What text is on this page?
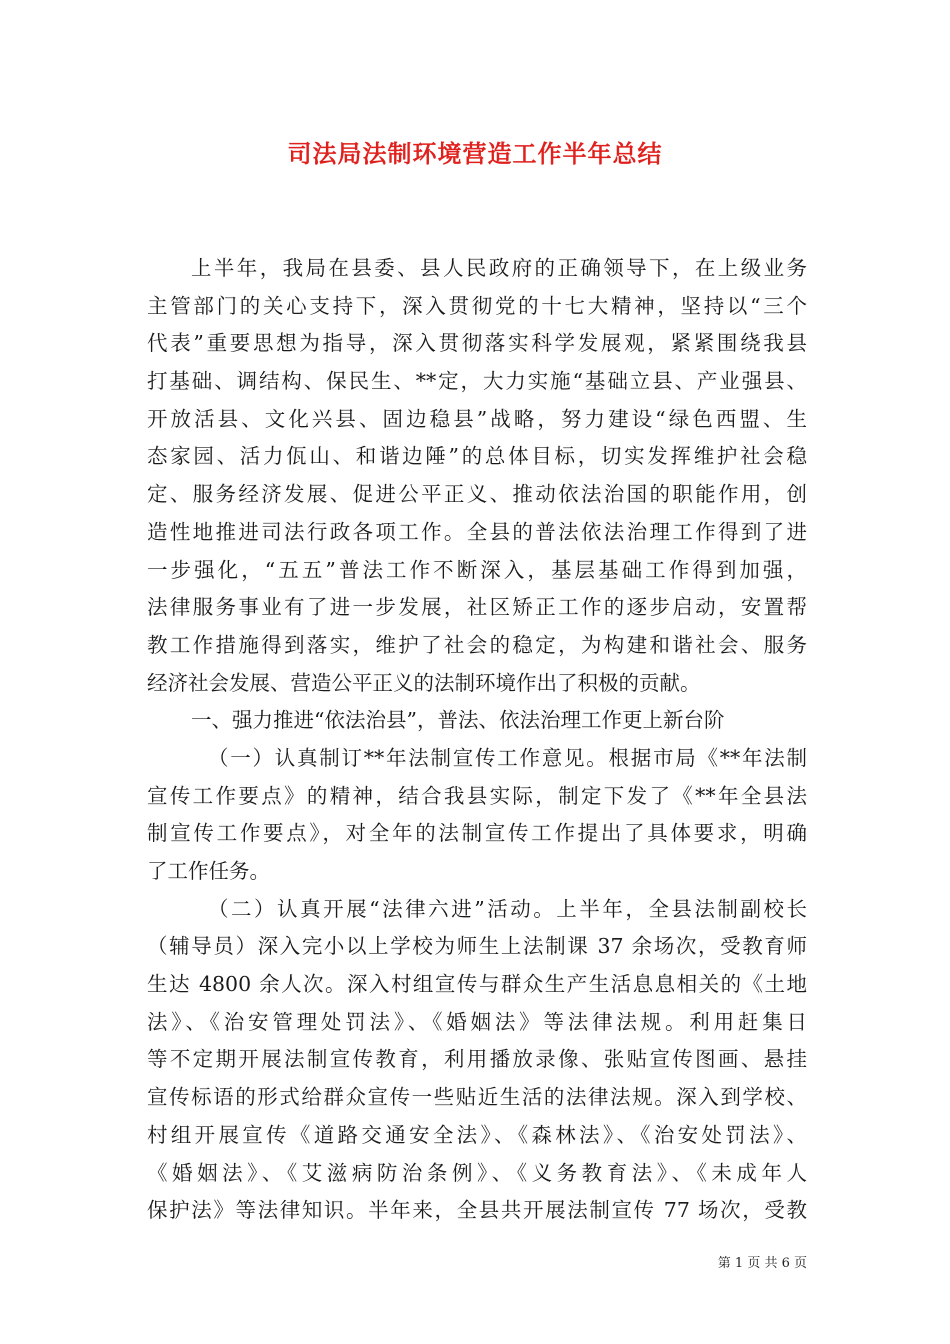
司法局法制环境营造工作半年总结
上半年，我局在县委、县人民政府的正确领导下，在上级业务
主管部门的关心支持下，深入贯彻党的十七大精神，坚持以“三个
代表”重要思想为指导，深入贯彻落实科学发展观，紧紧围绕我县
打基础、调结构、保民生、**定，大力实施“基础立县、产业强县、
开放活县、文化兴县、固边稳县”战略，努力建设“绿色西盟、生
态家园、活力佤山、和谐边陲”的总体目标，切实发挥维护社会稳
定、服务经济发展、促进公平正义、推动依法治国的职能作用，创
造性地推进司法行政各项工作。全县的普法依法治理工作得到了进
一步强化，“五五”普法工作不断深入，基层基础工作得到加强，
法律服务事业有了进一步发展，社区矫正工作的逐步启动，安置帮
教工作措施得到落实，维护了社会的稳定，为构建和谐社会、服务
经济社会发展、营造公平正义的法制环境作出了积极的贡献。
一、强力推进“依法治县”，普法、依法治理工作更上新台阶
（一）认真制订**年法制宣传工作意见。根据市局《**年法制
宣传工作要点》的精神，结合我县实际，制定下发了《**年全县法
制宣传工作要点》，对全年的法制宣传工作提出了具体要求，明确
了工作任务。
（二）认真开展“法律六进”活动。上半年，全县法制副校长
（辅导员）深入完小以上学校为师生上法制课 37 余场次，受教育师
生达 4800 余人次。深入村组宣传与群众生产生活息息相关的《土地
法》、《治安管理处罚法》、《婚姻法》等法律法规。利用赶集日
等不定期开展法制宣传教育，利用播放录像、张贴宣传图画、悬挂
宣传标语的形式给群众宣传一些贴近生活的法律法规。深入到学校、
村组开展宣传《道路交通安全法》、《森林法》、《治安处罚法》、
《婚姻法》、《艾滋病防治条例》、《义务教育法》、《未成年人
保护法》等法律知识。半年来，全县共开展法制宣传 77 场次，受教
第 1 页 共 6 页
